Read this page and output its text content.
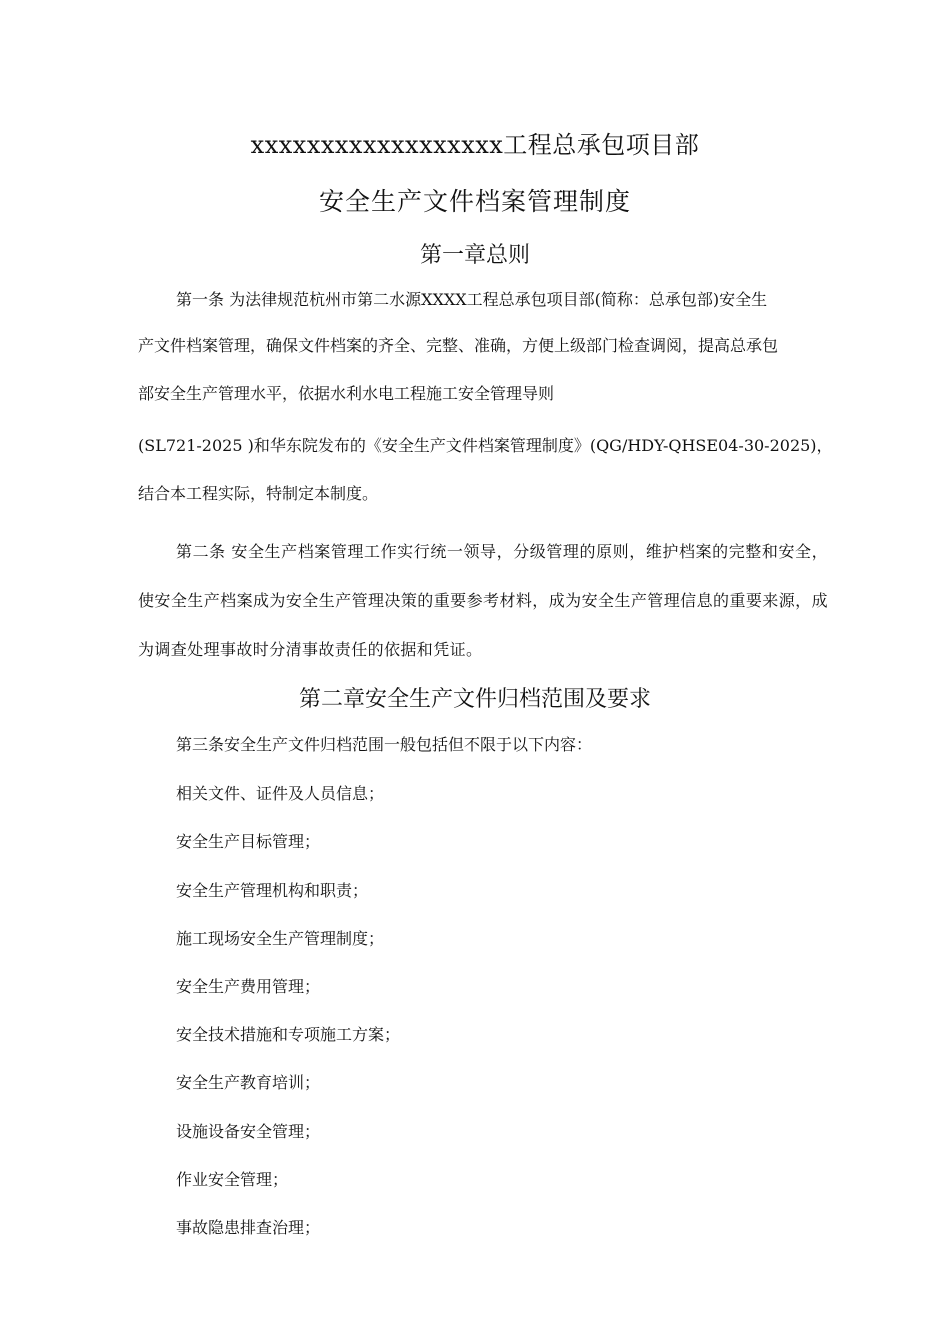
xxxxxxxxxxxxxxxxxx工程总承包项目部
安全生产文件档案管理制度
第一章总则
第一条 为法律规范杭州市第二水源XXXX工程总承包项目部(简称：总承包部)安全生
产文件档案管理，确保文件档案的齐全、完整、准确，方便上级部门检查调阅，提高总承包
部安全生产管理水平，依据水利水电工程施工安全管理导则
(SL721-2025 )和华东院发布的《安全生产文件档案管理制度》(QG/HDY-QHSE04-30-2025)，
结合本工程实际，特制定本制度。
第二条 安全生产档案管理工作实行统一领导，分级管理的原则，维护档案的完整和安全，使安全生产档案成为安全生产管理决策的重要参考材料，成为安全生产管理信息的重要来源，成为调查处理事故时分清事故责任的依据和凭证。
第二章安全生产文件归档范围及要求
第三条安全生产文件归档范围一般包括但不限于以下内容：
相关文件、证件及人员信息；
安全生产目标管理；
安全生产管理机构和职责；
施工现场安全生产管理制度；
安全生产费用管理；
安全技术措施和专项施工方案；
安全生产教育培训；
设施设备安全管理；
作业安全管理；
事故隐患排查治理；
